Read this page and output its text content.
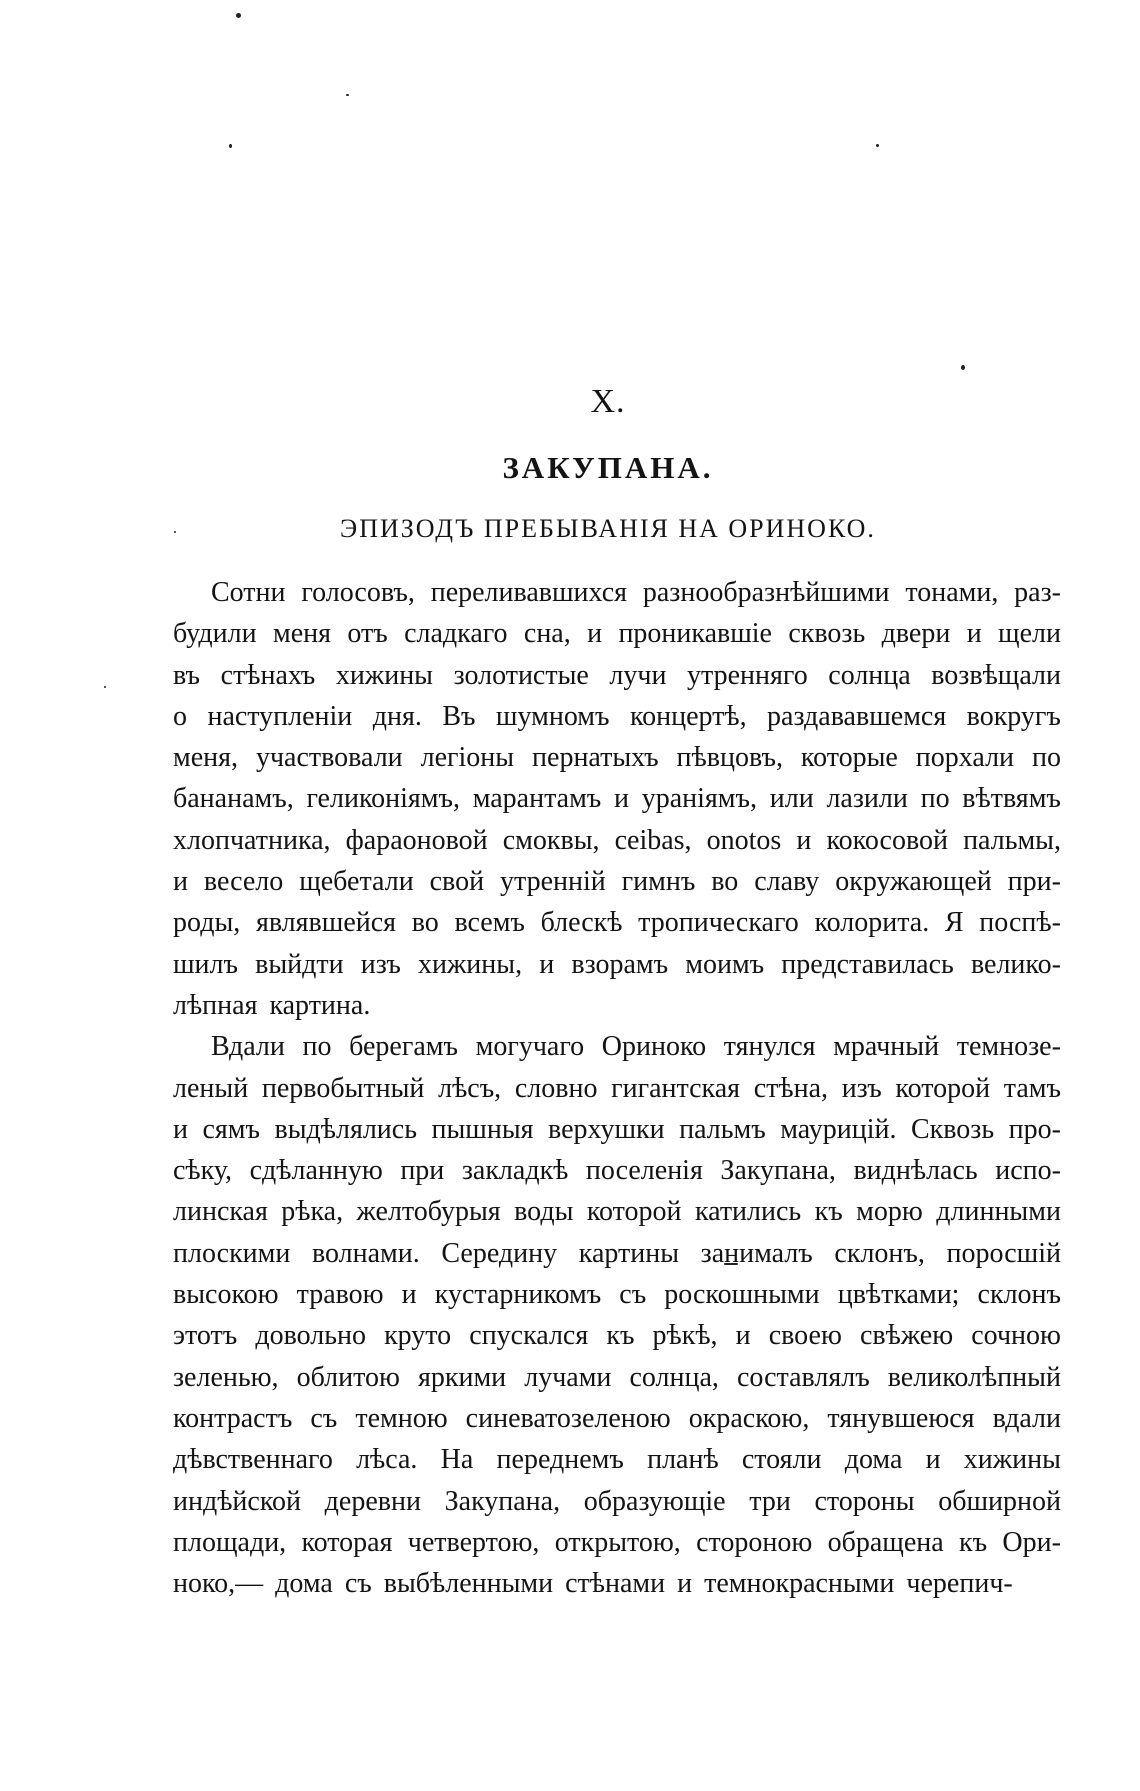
X.
ЗАКУПАНА.
ЭПИЗОДЪ ПРЕБЫВАНІЯ НА ОРИНОКО.
Сотни голосовъ, переливавшихся разнообразнѣйшими тонами, раз-
будили меня отъ сладкаго сна, и проникавшіе сквозь двери и щели
въ стѣнахъ хижины золотистые лучи утренняго солнца возвѣщали
о наступленіи дня. Въ шумномъ концертѣ, раздававшемся вокругъ
меня, участвовали легіоны пернатыхъ пѣвцовъ, которые порхали по
бананамъ, геликоніямъ, марантамъ и ураніямъ, или лазили по вѣтвямъ
хлопчатника, фараоновой смоквы, ceibas, onotos и кокосовой пальмы,
и весело щебетали свой утренній гимнъ во славу окружающей при-
роды, являвшейся во всемъ блескѣ тропическаго колорита. Я поспѣ-
шилъ выйдти изъ хижины, и взорамъ моимъ представилась велико-
лѣпная картина.
Вдали по берегамъ могучаго Ориноко тянулся мрачный темнозе-
леный первобытный лѣсъ, словно гигантская стѣна, изъ которой тамъ
и сямъ выдѣлялись пышныя верхушки пальмъ маурицій. Сквозь про-
сѣку, сдѣланную при закладкѣ поселенія Закупана, виднѣлась испо-
линская рѣка, желтобурыя воды которой катились къ морю длинными
плоскими волнами. Середину картины занималъ склонъ, поросшій
высокою травою и кустарникомъ съ роскошными цвѣтками; склонъ
этотъ довольно круто спускался къ рѣкѣ, и своею свѣжею сочною
зеленью, облитою яркими лучами солнца, составлялъ великолѣпный
контрастъ съ темною синеватозеленою окраскою, тянувшеюся вдали
дѣвственнаго лѣса. На переднемъ планѣ стояли дома и хижины
индѣйской деревни Закупана, образующіе три стороны обширной
площади, которая четвертою, открытою, стороною обращена къ Ори-
ноко,— дома съ выбѣленными стѣнами и темнокрасными черепич-
